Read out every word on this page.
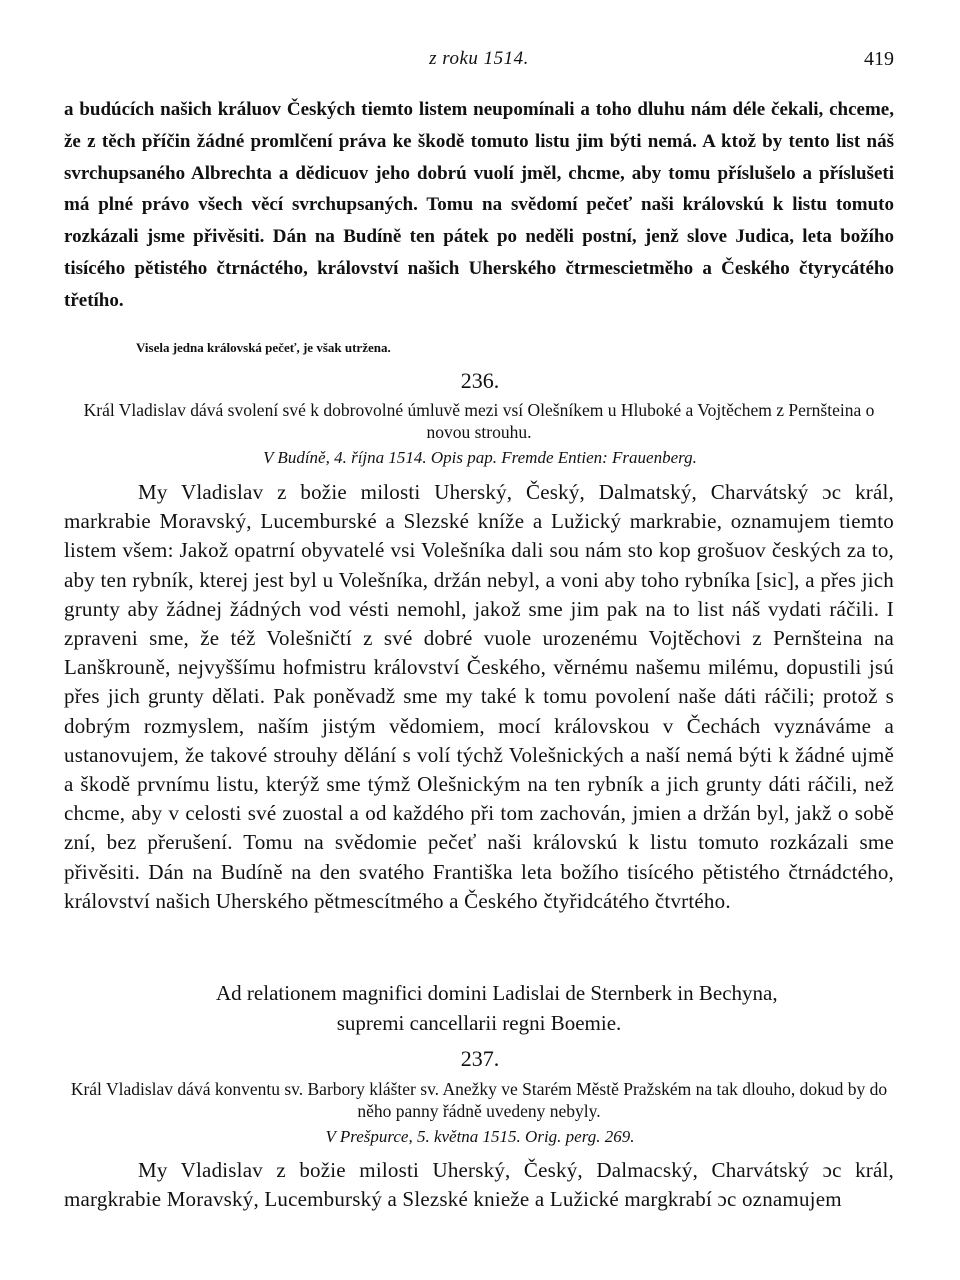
z roku 1514.	419
a budúcích našich králuov Českých tiemto listem neupomínali a toho dluhu nám déle čekali, chceme, že z těch příčin žádné promlčení práva ke škodě tomuto listu jim býti nemá. A ktož by tento list náš svrchupsaného Albrechta a dědicuov jeho dobrú vuolí jměl, chcme, aby tomu příslušelo a příslušeti má plné právo všech věcí svrchupsaných. Tomu na svědomí pečeť naši královskú k listu tomuto rozkázali jsme přivěsiti. Dán na Budíně ten pátek po neděli postní, jenž slove Judica, leta božího tisícého pětistého čtrnáctého, království našich Uherského čtrmescietměho a Českého čtyrycátého třetího.
Visela jedna královská pečeť, je však utržena.
236.
Král Vladislav dává svolení své k dobrovolné úmluvě mezi vsí Olešníkem u Hluboké a Vojtěchem z Pernšteina o novou strouhu.
V Budíně, 4. října 1514. Opis pap. Fremde Entien: Frauenberg.
My Vladislav z božie milosti Uherský, Český, Dalmatský, Charvátský ɔc král, markrabie Moravský, Lucemburské a Slezské kníže a Lužický markrabie, oznamujem tiemto listem všem: Jakož opatrní obyvatelé vsi Volešníka dali sou nám sto kop grošuov českých za to, aby ten rybník, kterej jest byl u Volešníka, držán nebyl, a voni aby toho rybníka [sic], a přes jich grunty aby žádnej žádných vod vésti nemohl, jakož sme jim pak na to list náš vydati ráčili. I zpraveni sme, že též Volešničtí z své dobré vuole urozenému Vojtěchovi z Pernšteina na Lanškrouně, nejvyššímu hofmistru království Českého, věrnému našemu milému, dopustili jsú přes jich grunty dělati. Pak poněvadž sme my také k tomu povolení naše dáti ráčili; protož s dobrým rozmyslem, naším jistým vědomiem, mocí královskou v Čechách vyznáváme a ustanovujem, že takové strouhy dělání s volí týchž Volešnických a naší nemá býti k žádné ujmě a škodě prvnímu listu, kterýž sme týmž Olešnickým na ten rybník a jich grunty dáti ráčili, než chcme, aby v celosti své zuostal a od každého při tom zachován, jmien a držán byl, jakž o sobě zní, bez přerušení. Tomu na svědomie pečeť naši královskú k listu tomuto rozkázali sme přivěsiti. Dán na Budíně na den svatého Františka leta božího tisícého pětistého čtrnádctého, království našich Uherského pětmescítmého a Českého čtyřidcátého čtvrtého.
Ad relationem magnifici domini Ladislai de Sternberk in Bechyna,
supremi cancellarii regni Boemie.
237.
Král Vladislav dává konventu sv. Barbory klášter sv. Anežky ve Starém Městě Pražském na tak dlouho, dokud by do něho panny řádně uvedeny nebyly.
V Prešpurce, 5. května 1515. Orig. perg. 269.
My Vladislav z božie milosti Uherský, Český, Dalmacský, Charvátský ɔc král, margkrabie Moravský, Lucemburský a Slezské knieže a Lužické margkrabí ɔc oznamujem
